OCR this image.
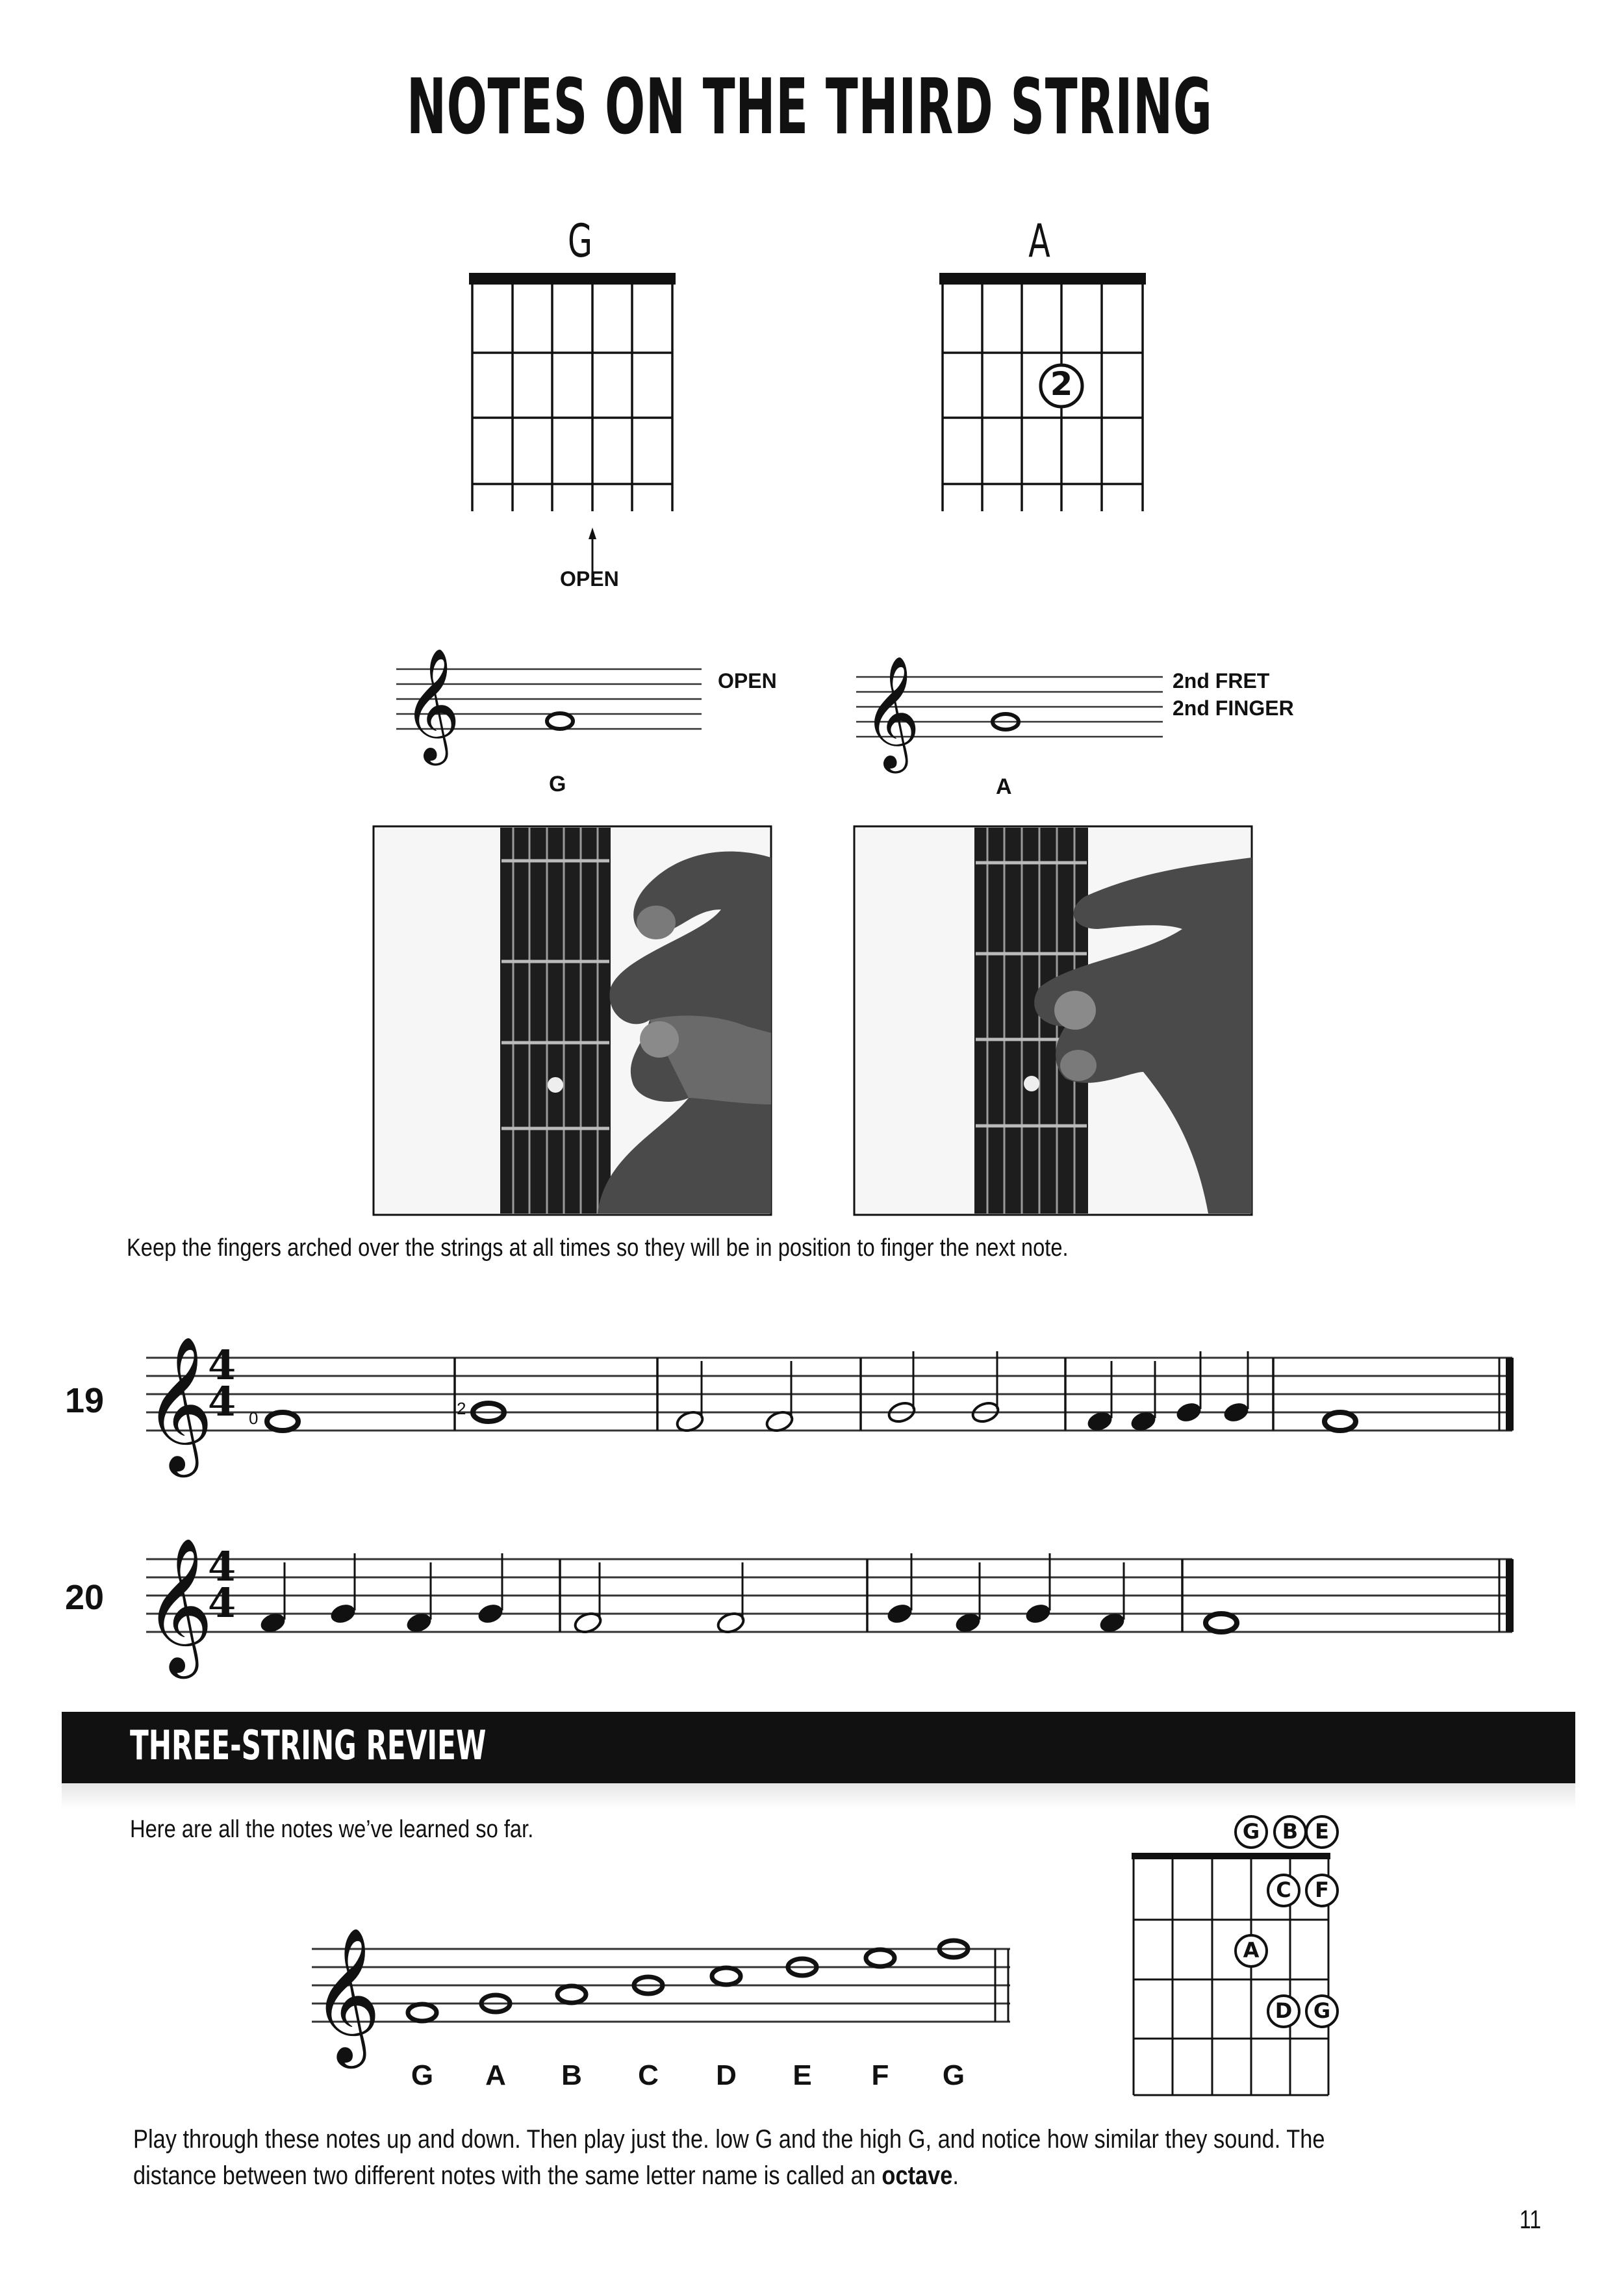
NOTES ON THE THIRD STRING
G	A
OPEN
2
𝄞	OPEN
G
𝄞	2nd FRET
2nd FINGER
A
Keep the fingers arched over the strings at all times so they will be in position to finger the next note.
19 𝄞
4
4 0	2
20 𝄞
4
4
THREE-STRING REVIEW
Here are all the notes we’ve learned so far.
𝄞
G	A	B	C	D	E	F	G
G B E
C F
A
D G
Play through these notes up and down. Then play just the. low G and the high G, and notice how similar they sound. The distance between two different notes with the same letter name is called an octave.
11
